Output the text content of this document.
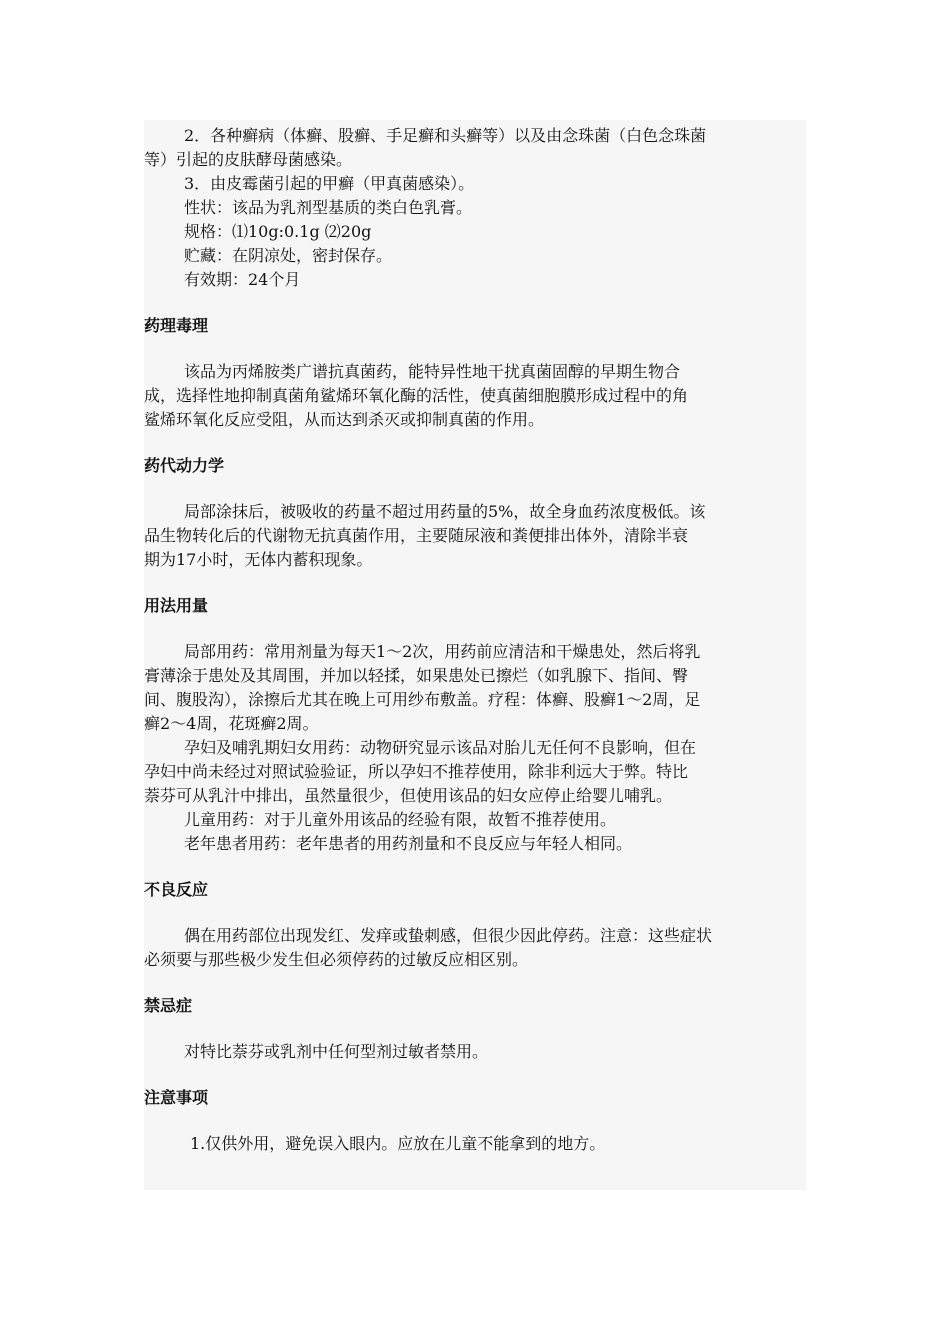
2．各种癣病（体癣、股癣、手足癣和头癣等）以及由念珠菌（白色念珠菌
等）引起的皮肤酵母菌感染。
3．由皮霉菌引起的甲癣（甲真菌感染）。
性状：该品为乳剂型基质的类白色乳膏。
规格：⑴10g:0.1g ⑵20g
贮藏：在阴凉处，密封保存。
有效期：24个月
药理毒理
该品为丙烯胺类广谱抗真菌药，能特异性地干扰真菌固醇的早期生物合
成，选择性地抑制真菌角鲨烯环氧化酶的活性，使真菌细胞膜形成过程中的角
鲨烯环氧化反应受阻，从而达到杀灭或抑制真菌的作用。
药代动力学
局部涂抹后，被吸收的药量不超过用药量的5%，故全身血药浓度极低。该
品生物转化后的代谢物无抗真菌作用，主要随尿液和粪便排出体外，清除半衰
期为17小时，无体内蓄积现象。
用法用量
局部用药：常用剂量为每天1～2次，用药前应清洁和干燥患处，然后将乳
膏薄涂于患处及其周围，并加以轻揉，如果患处已擦烂（如乳腺下、指间、臀
间、腹股沟），涂擦后尤其在晚上可用纱布敷盖。疗程：体癣、股癣1～2周，足
癣2～4周，花斑癣2周。
孕妇及哺乳期妇女用药：动物研究显示该品对胎儿无任何不良影响，但在
孕妇中尚未经过对照试验验证，所以孕妇不推荐使用，除非利远大于弊。特比
萘芬可从乳汁中排出，虽然量很少，但使用该品的妇女应停止给婴儿哺乳。
儿童用药：对于儿童外用该品的经验有限，故暂不推荐使用。
老年患者用药：老年患者的用药剂量和不良反应与年轻人相同。
不良反应
偶在用药部位出现发红、发痒或蛰刺感，但很少因此停药。注意：这些症状
必须要与那些极少发生但必须停药的过敏反应相区别。
禁忌症
对特比萘芬或乳剂中任何型剂过敏者禁用。
注意事项
1.仅供外用，避免误入眼内。应放在儿童不能拿到的地方。
